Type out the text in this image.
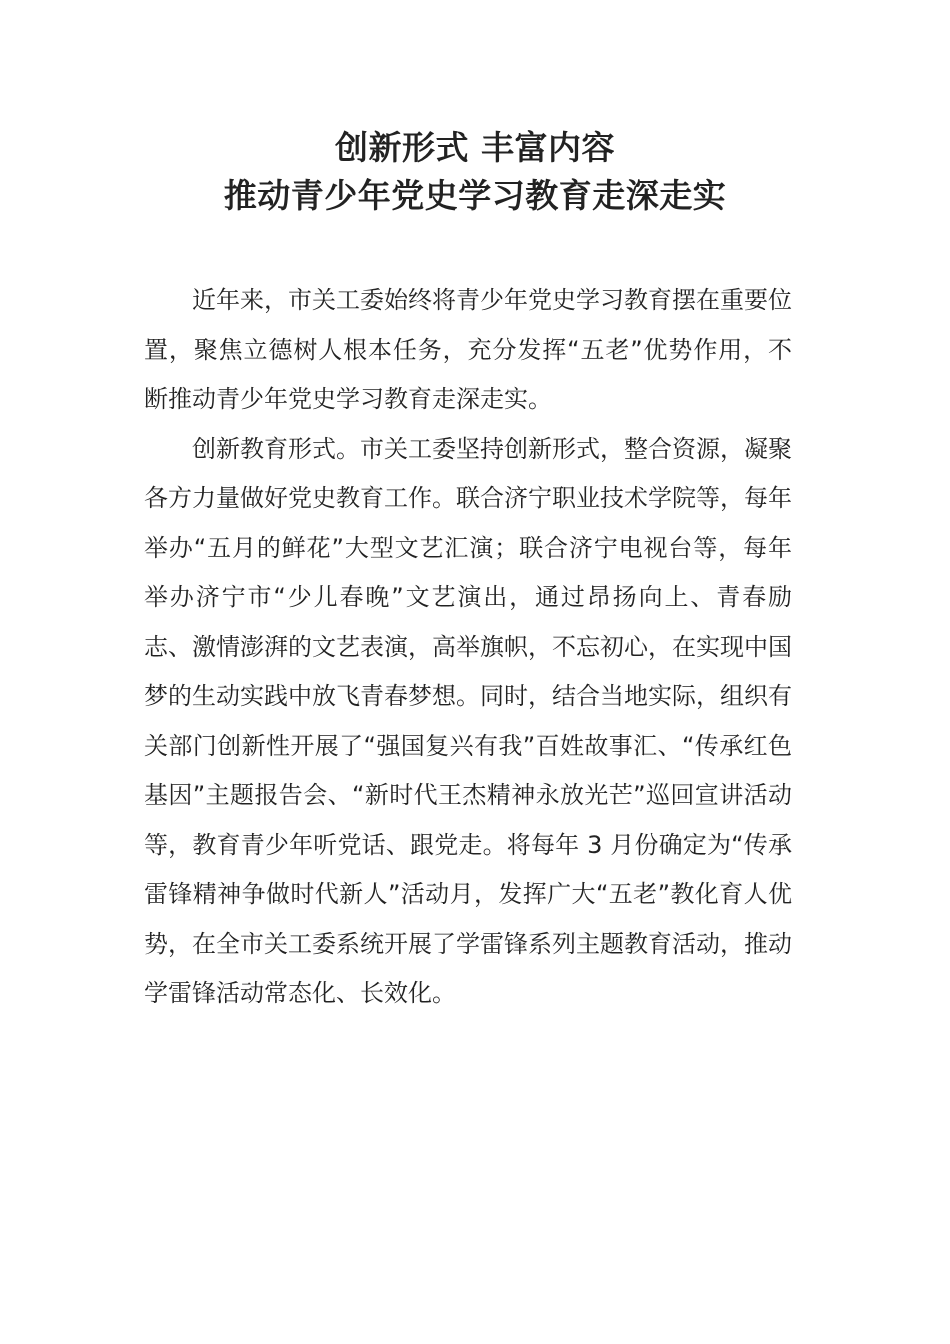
创新形式 丰富内容
推动青少年党史学习教育走深走实

近年来，市关工委始终将青少年党史学习教育摆在重要位置，聚焦立德树人根本任务，充分发挥“五老”优势作用，不断推动青少年党史学习教育走深走实。

创新教育形式。市关工委坚持创新形式，整合资源，凝聚各方力量做好党史教育工作。联合济宁职业技术学院等，每年举办“五月的鲜花”大型文艺汇演；联合济宁电视台等，每年举办济宁市“少儿春晚”文艺演出，通过昂扬向上、青春励志、激情澎湃的文艺表演，高举旗帜，不忘初心，在实现中国梦的生动实践中放飞青春梦想。同时，结合当地实际，组织有关部门创新性开展了“强国复兴有我”百姓故事汇、“传承红色基因”主题报告会、“新时代王杰精神永放光芒”巡回宣讲活动等，教育青少年听党话、跟党走。将每年 3 月份确定为“传承雷锋精神争做时代新人”活动月，发挥广大“五老”教化育人优势，在全市关工委系统开展了学雷锋系列主题教育活动，推动学雷锋活动常态化、长效化。
